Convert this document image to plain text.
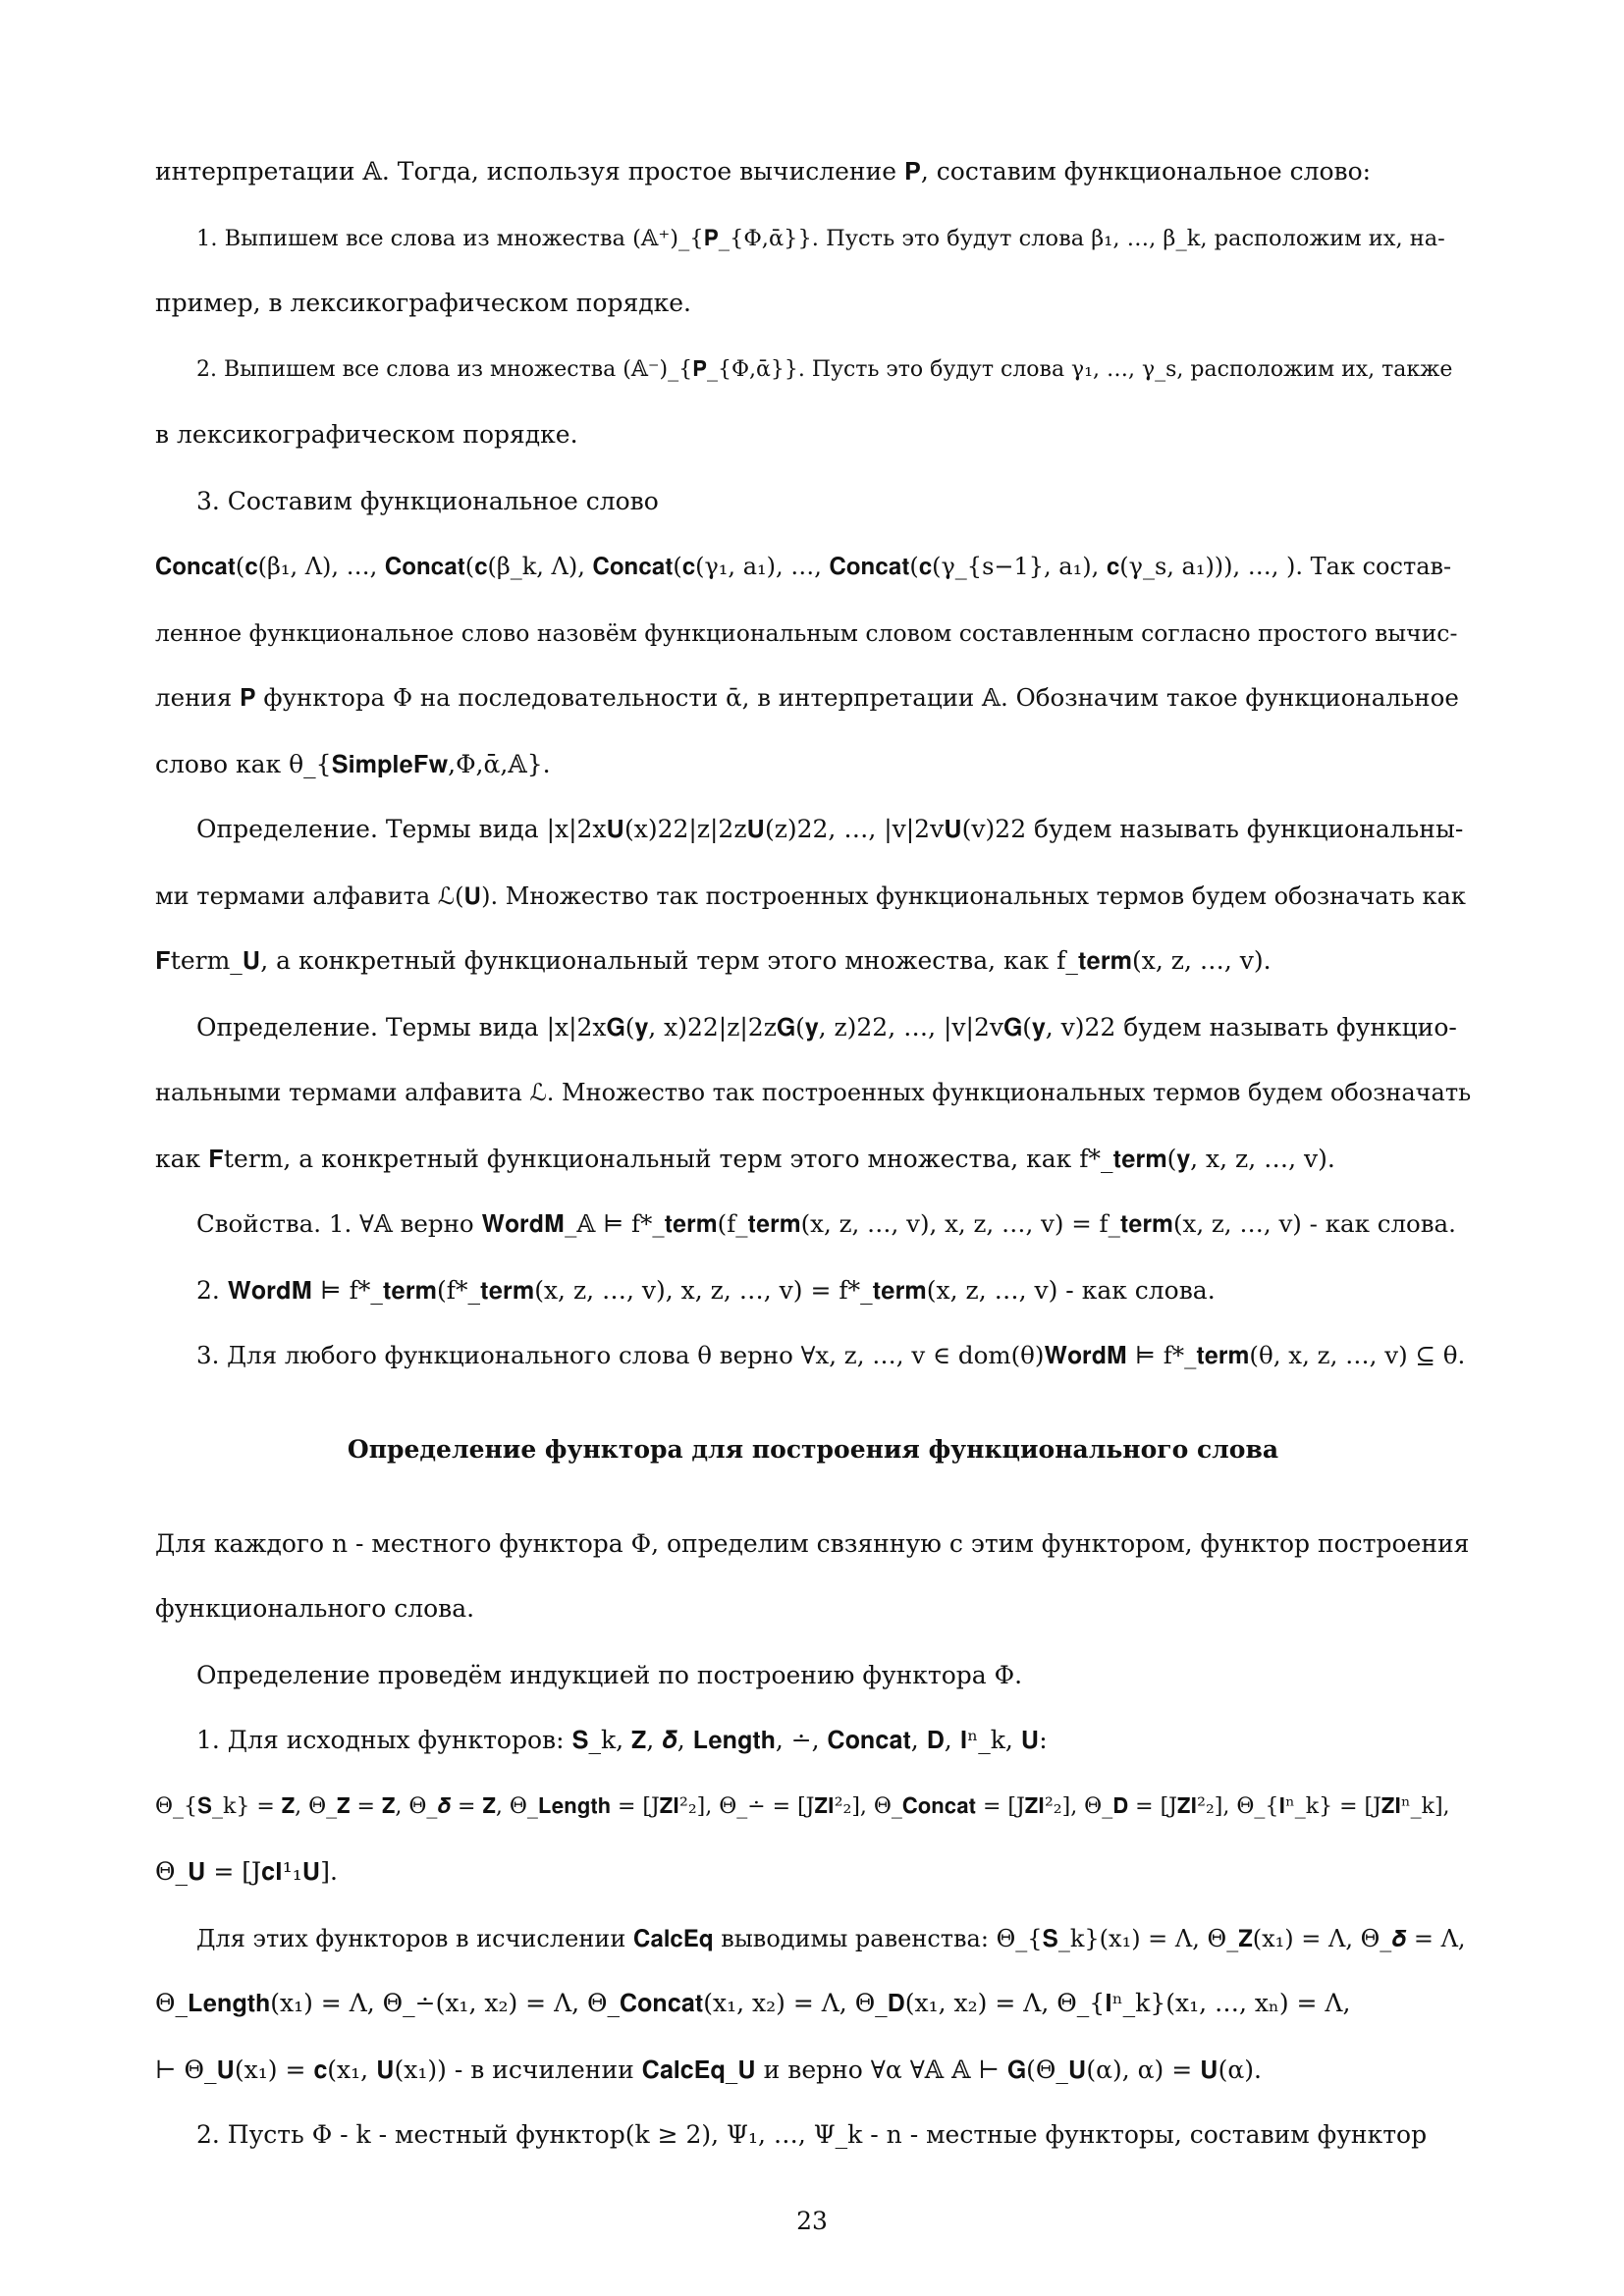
интерпретации 𝔸. Тогда, используя простое вычисление 𝐏, составим функциональное слово:
1. Выпишем все слова из множества (𝔸⁺)_{𝐏_{Φ,ᾱ}}. Пусть это будут слова β₁, …, β_k, расположим их, на-
пример, в лексикографическом порядке.
2. Выпишем все слова из множества (𝔸⁻)_{𝐏_{Φ,ᾱ}}. Пусть это будут слова γ₁, …, γ_s, расположим их, также
в лексикографическом порядке.
3. Составим функциональное слово
𝐂𝐨𝐧𝐜𝐚𝐭(𝐜(β₁, Λ), …, 𝐂𝐨𝐧𝐜𝐚𝐭(𝐜(β_k, Λ), 𝐂𝐨𝐧𝐜𝐚𝐭(𝐜(γ₁, a₁), …, 𝐂𝐨𝐧𝐜𝐚𝐭(𝐜(γ_{s−1}, a₁), 𝐜(γ_s, a₁))), …, ). Так состав-
ленное функциональное слово назовём функциональным словом составленным согласно простого вычис-
ления 𝐏 функтора Φ на последовательности ᾱ, в интерпретации 𝔸. Обозначим такое функциональное
слово как θ_{𝐒𝐢𝐦𝐩𝐥𝐞𝐅𝐰,Φ,ᾱ,𝔸}.
Определение. Термы вида |x|2x𝐔(x)22|z|2z𝐔(z)22, …, |v|2v𝐔(v)22 будем называть функциональны-
ми термами алфавита ℒ(𝐔). Множество так построенных функциональных термов будем обозначать как
𝐅term_𝐔, а конкретный функциональный терм этого множества, как f_𝐭𝐞𝐫𝐦(x, z, …, v).
Определение. Термы вида |x|2x𝐆(𝐲, x)22|z|2z𝐆(𝐲, z)22, …, |v|2v𝐆(𝐲, v)22 будем называть функцио-
нальными термами алфавита ℒ. Множество так построенных функциональных термов будем обозначать
как 𝐅term, а конкретный функциональный терм этого множества, как f*_𝐭𝐞𝐫𝐦(𝐲, x, z, …, v).
Свойства. 1. ∀𝔸 верно 𝐖𝐨𝐫𝐝𝐌_𝔸 ⊨ f*_𝐭𝐞𝐫𝐦(f_𝐭𝐞𝐫𝐦(x, z, …, v), x, z, …, v) = f_𝐭𝐞𝐫𝐦(x, z, …, v) - как слова.
2. 𝐖𝐨𝐫𝐝𝐌 ⊨ f*_𝐭𝐞𝐫𝐦(f*_𝐭𝐞𝐫𝐦(x, z, …, v), x, z, …, v) = f*_𝐭𝐞𝐫𝐦(x, z, …, v) - как слова.
3. Для любого функционального слова θ верно ∀x, z, …, v ∈ dom(θ)𝐖𝐨𝐫𝐝𝐌 ⊨ f*_𝐭𝐞𝐫𝐦(θ, x, z, …, v) ⊆ θ.
Определение функтора для построения функционального слова
Для каждого n - местного функтора Φ, определим свзянную с этим функтором, функтор построения
функционального слова.
Определение проведём индукцией по построению функтора Φ.
1. Для исходных функторов: 𝐒_k, 𝐙, 𝜹, 𝐋𝐞𝐧𝐠𝐭𝐡, ∸, 𝐂𝐨𝐧𝐜𝐚𝐭, 𝐃, 𝐈ⁿ_k, 𝐔:
Θ_{𝐒_k} = 𝐙, Θ_𝐙 = 𝐙, Θ_𝜹 = 𝐙, Θ_𝐋𝐞𝐧𝐠𝐭𝐡 = [J𝐙𝐈²₂], Θ_∸ = [J𝐙𝐈²₂], Θ_𝐂𝐨𝐧𝐜𝐚𝐭 = [J𝐙𝐈²₂], Θ_𝐃 = [J𝐙𝐈²₂], Θ_{𝐈ⁿ_k} = [J𝐙𝐈ⁿ_k],
Θ_𝐔 = [J𝐜𝐈¹₁𝐔].
Для этих функторов в исчислении 𝐂𝐚𝐥𝐜𝐄𝐪 выводимы равенства: Θ_{𝐒_k}(x₁) = Λ, Θ_𝐙(x₁) = Λ, Θ_𝜹 = Λ,
Θ_𝐋𝐞𝐧𝐠𝐭𝐡(x₁) = Λ, Θ_∸(x₁, x₂) = Λ, Θ_𝐂𝐨𝐧𝐜𝐚𝐭(x₁, x₂) = Λ, Θ_𝐃(x₁, x₂) = Λ, Θ_{𝐈ⁿ_k}(x₁, …, xₙ) = Λ,
⊢ Θ_𝐔(x₁) = 𝐜(x₁, 𝐔(x₁)) - в исчилении 𝐂𝐚𝐥𝐜𝐄𝐪_𝐔 и верно ∀α ∀𝔸 𝔸 ⊢ 𝐆(Θ_𝐔(α), α) = 𝐔(α).
2. Пусть Φ - k - местный функтор(k ≥ 2), Ψ₁, …, Ψ_k - n - местные функторы, составим функтор
23
